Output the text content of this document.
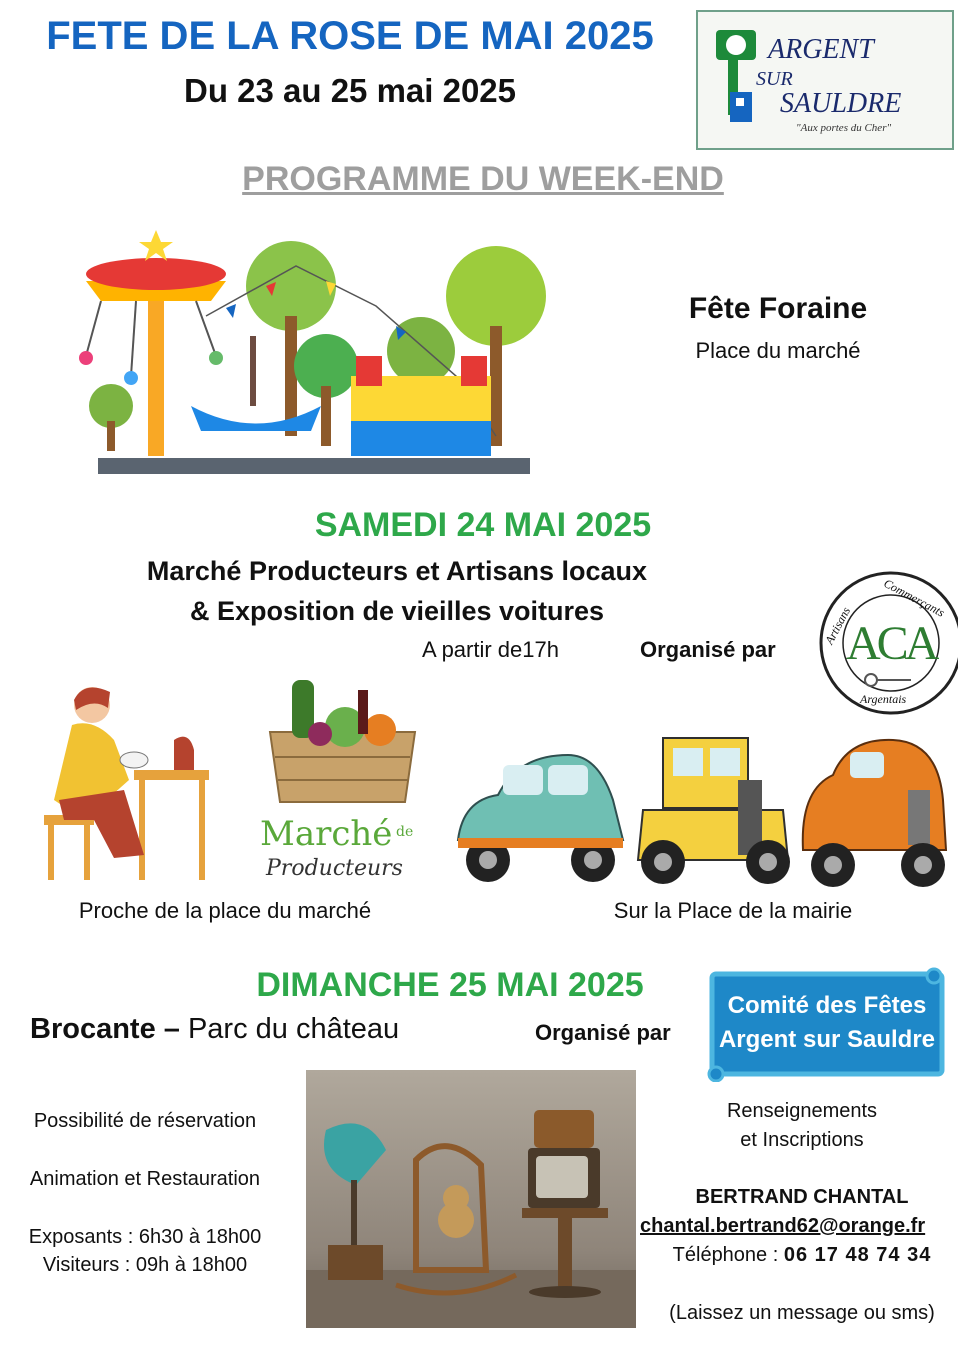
FETE DE LA ROSE DE MAI 2025
Du 23 au 25 mai 2025
ARGENT
SUR
SAULDRE
"Aux portes du Cher"
PROGRAMME DU WEEK-END
Fête Foraine
Place du marché
SAMEDI 24 MAI 2025
Marché Producteurs et Artisans locaux
& Exposition de vieilles voitures
A partir de17h	Organisé par ACA
Commerçants
Artisans
Argentais
Marché de
Producteurs
Proche de la place du marché	Sur la Place de la mairie
DIMANCHE 25 MAI 2025
Brocante – Parc du château	Organisé par
Comité des Fêtes
Argent sur Sauldre
Possibilité de réservation
Animation et Restauration
Exposants : 6h30 à 18h00
Visiteurs : 09h à 18h00
Renseignements
et Inscriptions
BERTRAND CHANTAL
chantal.bertrand62@orange.fr
Téléphone : 06 17 48 74 34
(Laissez un message ou sms)
